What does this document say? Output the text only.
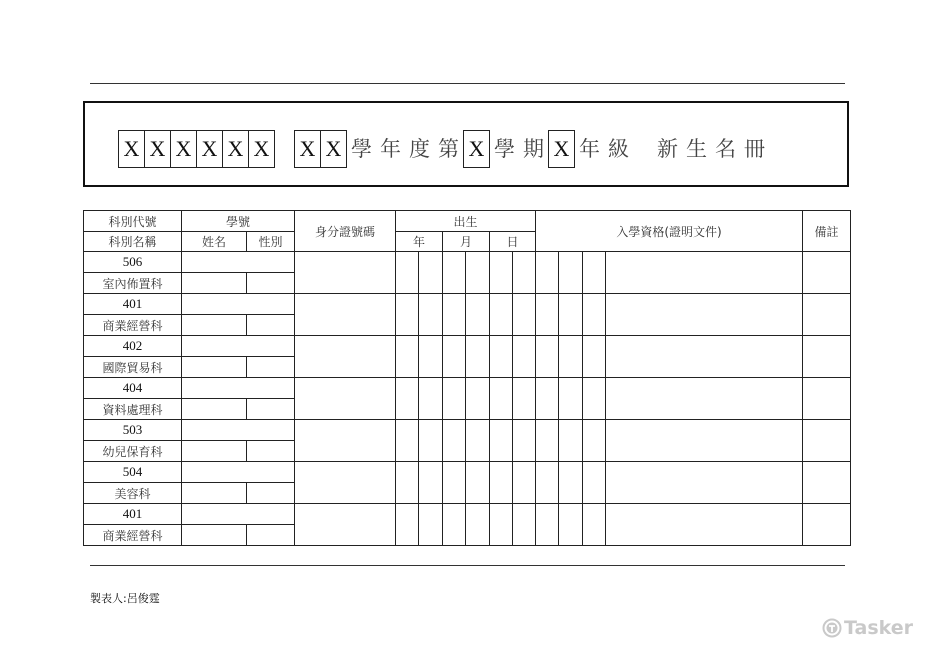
X X X X X X X X 學 年 度 第 X 學 期 X 年 級 新 生 名 冊
科別代號	學號		身分證號碼	出生						入學資格(證明文件)				備註
科別名稱	姓名	性別		年		月		日						
506														
室內佈置科														
401														
商業經營科														
402														
國際貿易科														
404														
資料處理科														
503														
幼兒保育科														
504														
美容科														
401														
商業經營科														
製表人:呂俊霆
Tasker
